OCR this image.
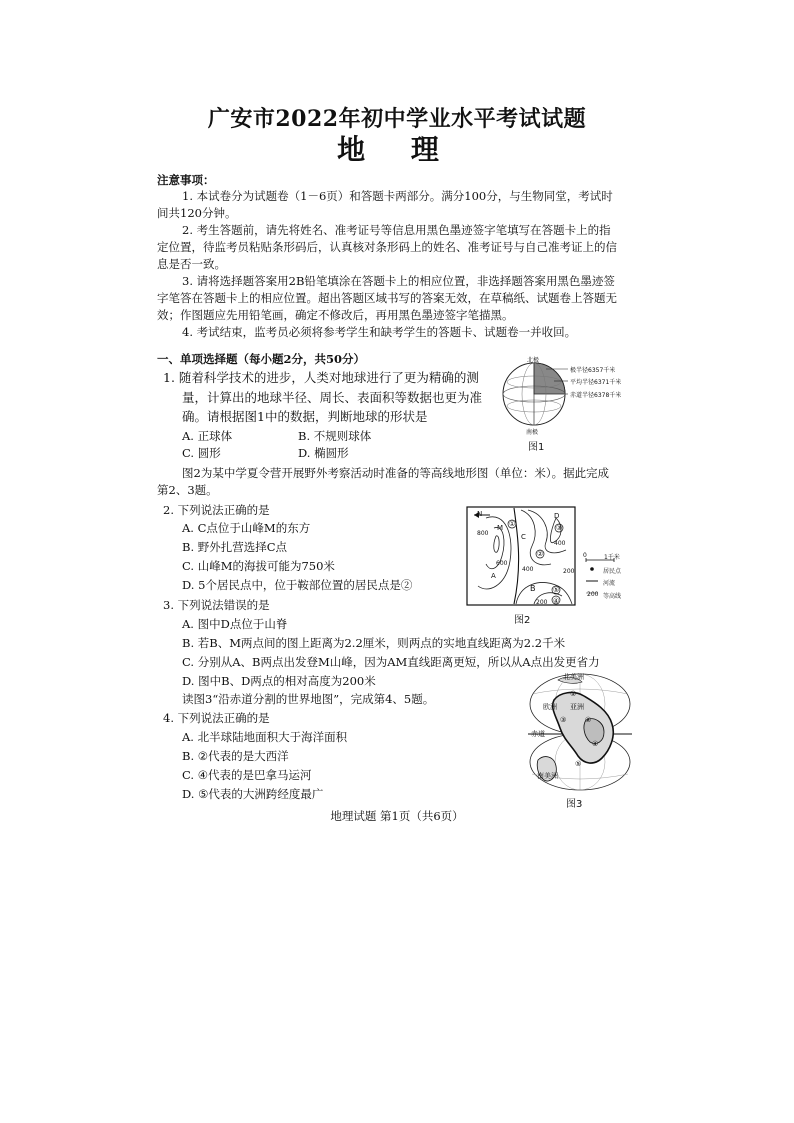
广安市2022年初中学业水平考试试题
地 理
注意事项：
1. 本试卷分为试题卷（1－6页）和答题卡两部分。满分100分，与生物同堂，考试时
间共120分钟。
2. 考生答题前，请先将姓名、准考证号等信息用黑色墨迹签字笔填写在答题卡上的指
定位置，待监考员粘贴条形码后，认真核对条形码上的姓名、准考证号与自己准考证上的信
息是否一致。
3. 请将选择题答案用2B铅笔填涂在答题卡上的相应位置，非选择题答案用黑色墨迹签
字笔答在答题卡上的相应位置。超出答题区域书写的答案无效，在草稿纸、试题卷上答题无
效；作图题应先用铅笔画，确定不修改后，再用黑色墨迹签字笔描黑。
4. 考试结束，监考员必须将参考学生和缺考学生的答题卡、试题卷一并收回。
一、单项选择题（每小题2分，共50分）
1. 随着科学技术的进步，人类对地球进行了更为精确的测
量，计算出的地球半径、周长、表面积等数据也更为准
确。请根据图1中的数据，判断地球的形状是
A. 正球体	B. 不规则球体
C. 圆形	D. 椭圆形
北极
南极
极半径6357千米
平均半径6371千米
赤道半径6378千米
图1
图2为某中学夏令营开展野外考察活动时准备的等高线地形图（单位：米）。据此完成
第2、3题。
2. 下列说法正确的是
A. C点位于山峰M的东方
B. 野外扎营选择C点
C. 山峰M的海拔可能为750米
D. 5个居民点中，位于鞍部位置的居民点是②
N
M
A
B
C
D
①
②
③
④
⑤
800
600
400
200
200
400
0	1千米
居民点
河流
200 等高线
图2
3. 下列说法错误的是
A. 图中D点位于山脊
B. 若B、M两点间的图上距离为2.2厘米，则两点的实地直线距离为2.2千米
C. 分别从A、B两点出发登M山峰，因为AM直线距离更短，所以从A点出发更省力
D. 图中B、D两点的相对高度为200米
读图3“沿赤道分割的世界地图”，完成第4、5题。
4. 下列说法正确的是
A. 北半球陆地面积大于海洋面积
B. ②代表的是大西洋
C. ④代表的是巴拿马运河
D. ⑤代表的大洲跨经度最广
北美洲
欧洲 亚洲
赤道
南美洲
①
②
③
④
⑤
图3
地理试题 第1页（共6页）
